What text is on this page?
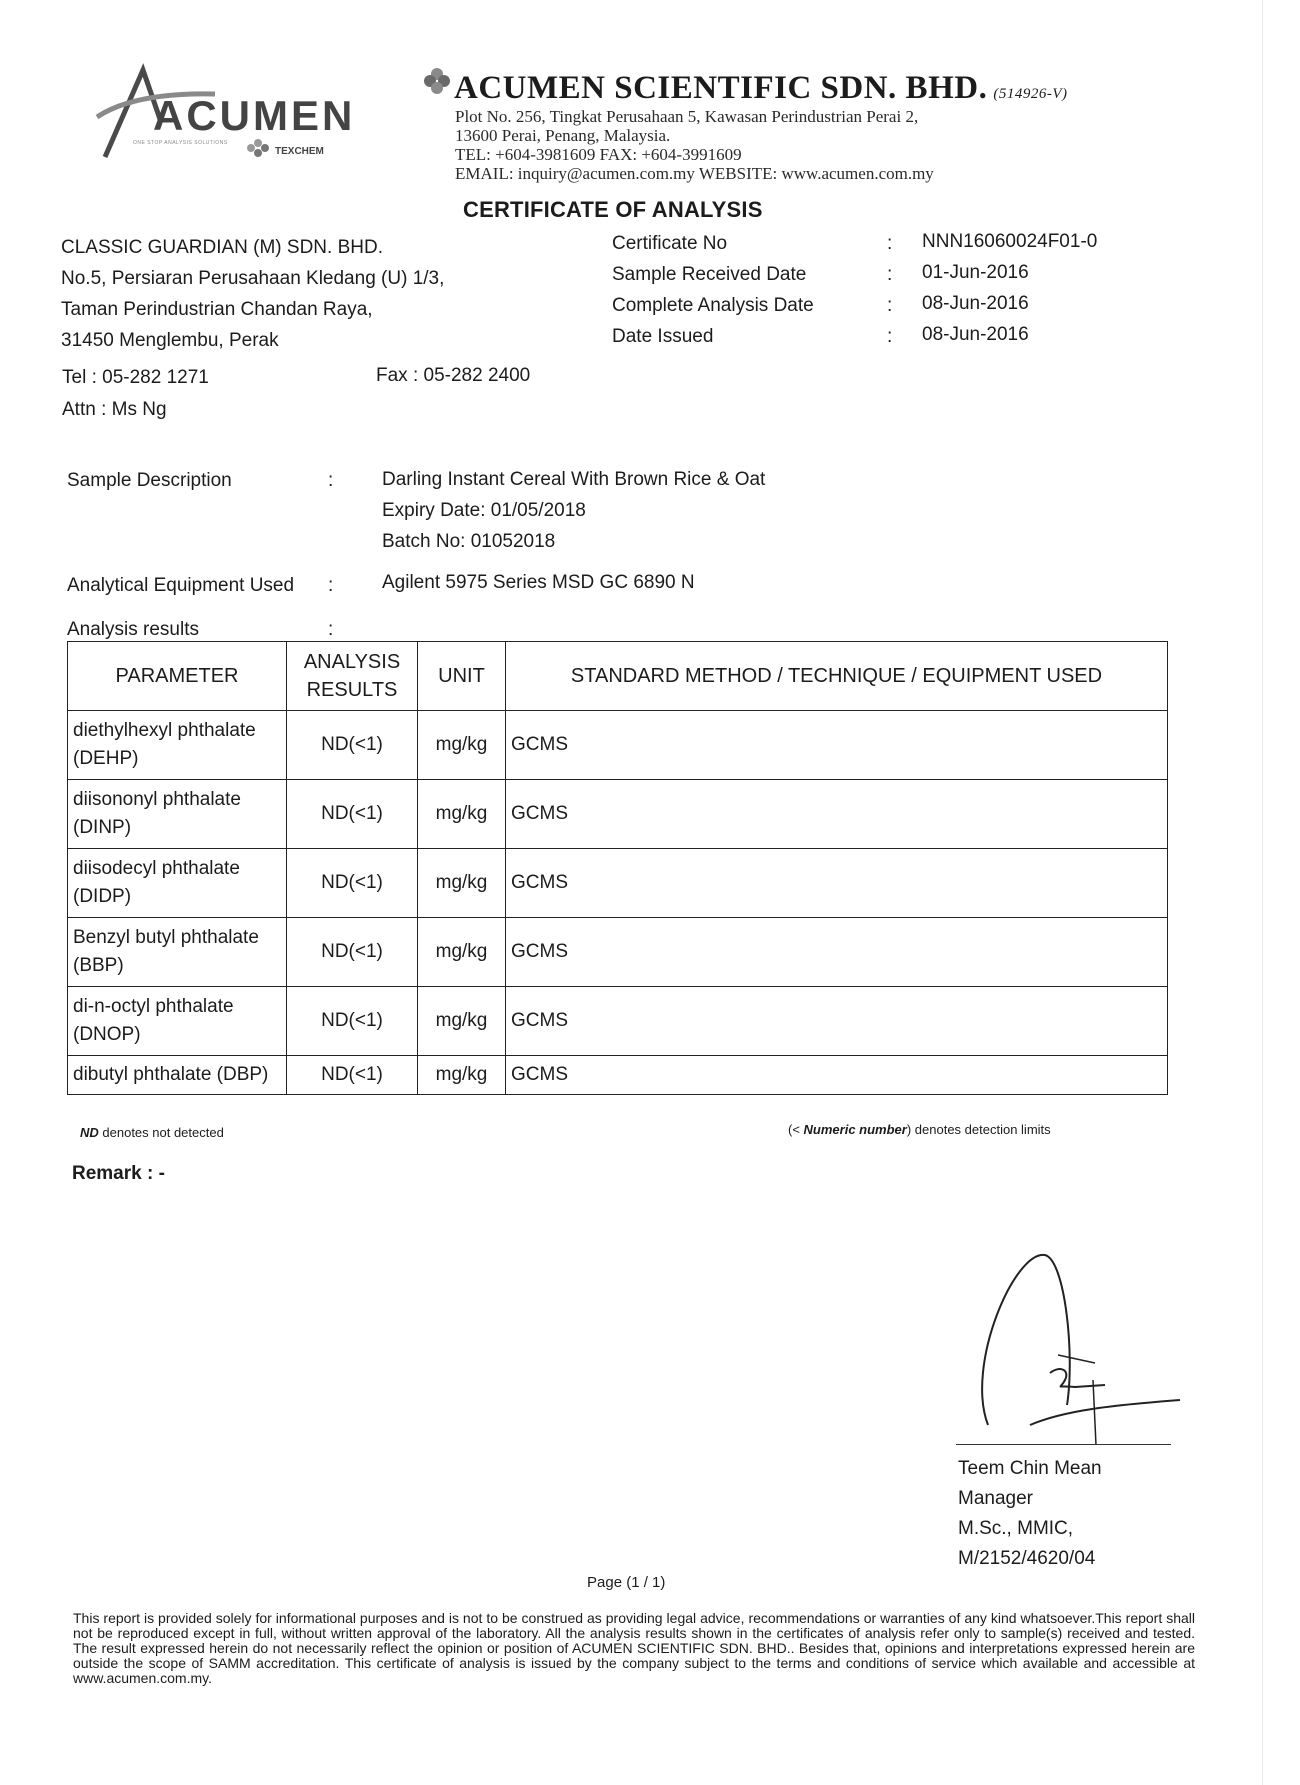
ACUMEN
ONE STOP ANALYSIS SOLUTIONS
TEXCHEM
ACUMEN SCIENTIFIC SDN. BHD. (514926-V)
Plot No. 256, Tingkat Perusahaan 5, Kawasan Perindustrian Perai 2,
13600 Perai, Penang, Malaysia.
TEL: +604-3981609 FAX: +604-3991609
EMAIL: inquiry@acumen.com.my WEBSITE: www.acumen.com.my
CERTIFICATE OF ANALYSIS
CLASSIC GUARDIAN (M) SDN. BHD.
No.5, Persiaran Perusahaan Kledang (U) 1/3,
Taman Perindustrian Chandan Raya,
31450 Menglembu, Perak
Tel : 05-282 1271	Fax : 05-282 2400
Attn : Ms Ng
Certificate No	: NNN16060024F01-0
Sample Received Date	: 01-Jun-2016
Complete Analysis Date	: 08-Jun-2016
Date Issued	: 08-Jun-2016
Sample Description	:	Darling Instant Cereal With Brown Rice & Oat
Expiry Date: 01/05/2018
Batch No: 01052018
Analytical Equipment Used :	Agilent 5975 Series MSD GC 6890 N
Analysis results	:
PARAMETER	ANALYSIS RESULTS	UNIT	STANDARD METHOD / TECHNIQUE / EQUIPMENT USED
diethylhexyl phthalate (DEHP)	ND(<1)	mg/kg	GCMS
diisononyl phthalate (DINP)	ND(<1)	mg/kg	GCMS
diisodecyl phthalate (DIDP)	ND(<1)	mg/kg	GCMS
Benzyl butyl phthalate (BBP)	ND(<1)	mg/kg	GCMS
di-n-octyl phthalate (DNOP)	ND(<1)	mg/kg	GCMS
dibutyl phthalate (DBP)	ND(<1)	mg/kg	GCMS
ND denotes not detected	(< Numeric number) denotes detection limits
Remark : -
Teem Chin Mean
Manager
M.Sc., MMIC,
M/2152/4620/04
Page (1 / 1)
This report is provided solely for informational purposes and is not to be construed as providing legal advice, recommendations or warranties of any kind whatsoever.This report shall not be reproduced except in full, without written approval of the laboratory. All the analysis results shown in the certificates of analysis refer only to sample(s) received and tested. The result expressed herein do not necessarily reflect the opinion or position of ACUMEN SCIENTIFIC SDN. BHD.. Besides that, opinions and interpretations expressed herein are outside the scope of SAMM accreditation. This certificate of analysis is issued by the company subject to the terms and conditions of service which available and accessible at www.acumen.com.my.
